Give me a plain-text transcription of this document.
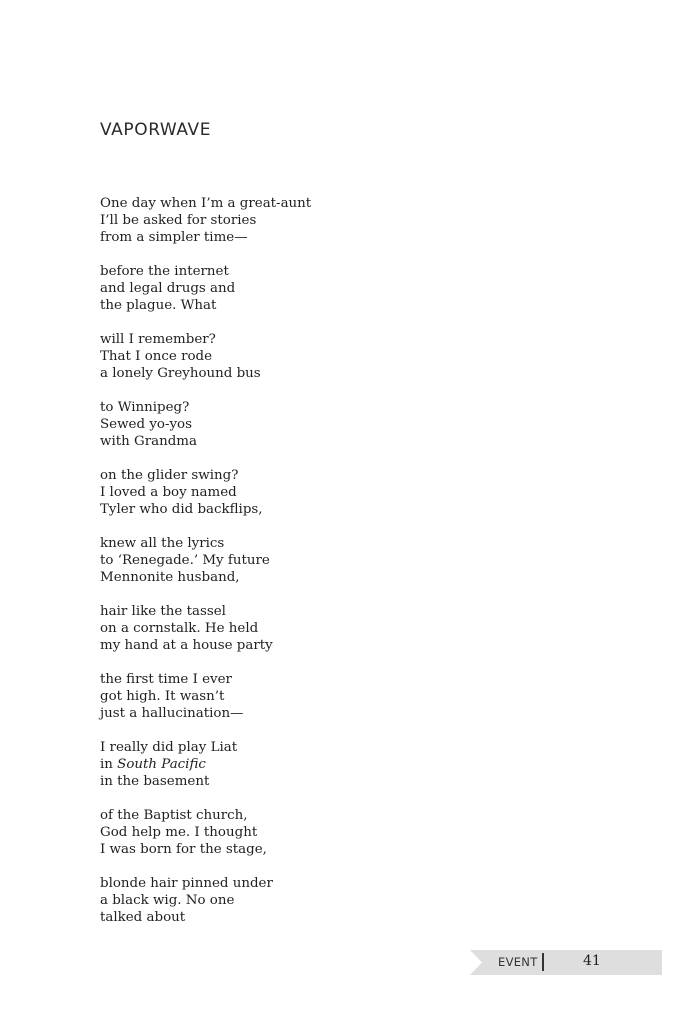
VAPORWAVE
One day when I’m a great-aunt
I’ll be asked for stories
from a simpler time—
before the internet
and legal drugs and
the plague. What
will I remember?
That I once rode
a lonely Greyhound bus
to Winnipeg?
Sewed yo-yos
with Grandma
on the glider swing?
I loved a boy named
Tyler who did backflips,
knew all the lyrics
to ‘Renegade.’ My future
Mennonite husband,
hair like the tassel
on a cornstalk. He held
my hand at a house party
the first time I ever
got high. It wasn’t
just a hallucination—
I really did play Liat
in South Pacific
in the basement
of the Baptist church,
God help me. I thought
I was born for the stage,
blonde hair pinned under
a black wig. No one
talked about
EVENT	41
